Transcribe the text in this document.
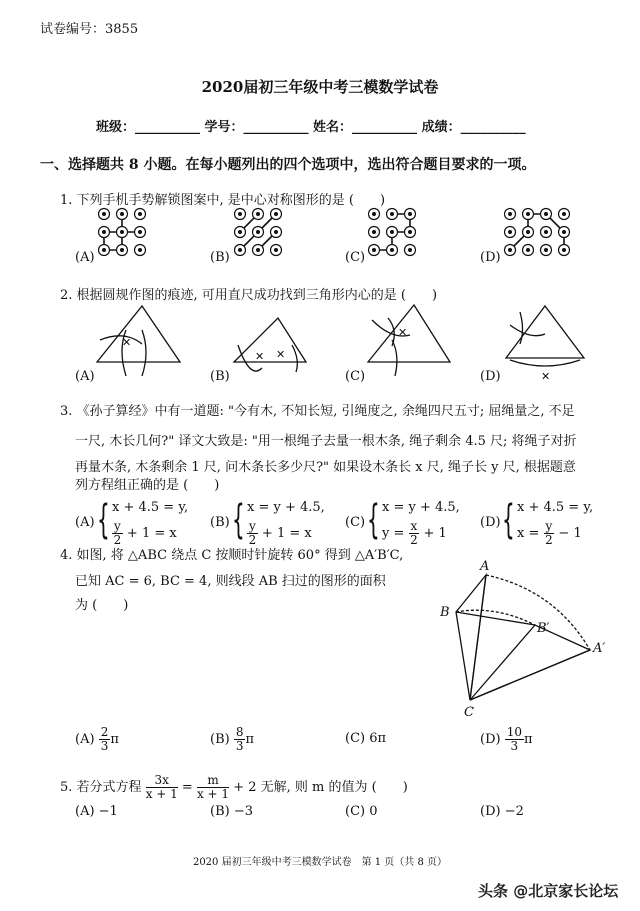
试卷编号：3855
2020届初三年级中考三模数学试卷
班级：__________ 学号：__________ 姓名：__________ 成绩：__________
一、选择题共 8 小题。在每小题列出的四个选项中，选出符合题目要求的一项。
1. 下列手机手势解锁图案中, 是中心对称图形的是 (　　)
(A)	(B)	(C)	(D)
2. 根据圆规作图的痕迹, 可用直尺成功找到三角形内心的是 (　　)
(A)	(B)	(C)	(D)
✕
✕ ✕
✕
✕
3. 《孙子算经》中有一道题: "今有木, 不知长短, 引绳度之, 余绳四尺五寸; 屈绳量之, 不足
一尺, 木长几何?" 译文大致是: "用一根绳子去量一根木条, 绳子剩余 4.5 尺; 将绳子对折
再量木条, 木条剩余 1 尺, 问木条长多少尺?" 如果设木条长 x 尺, 绳子长 y 尺, 根据题意
列方程组正确的是 (　　)
(A) { x + 4.5 = y,
$\frac{y}{2} + 1 = x$
(B) { x = y + 4.5,
$\frac{y}{2} + 1 = x$
(C) { x = y + 4.5,
$y = \frac{x}{2} + 1$
(D) { x + 4.5 = y,
$x = \frac{y}{2} - 1$
4. 如图, 将 △ABC 绕点 C 按顺时针旋转 60° 得到 △A′B′C,
已知 AC = 6, BC = 4, 则线段 AB 扫过的图形的面积
为 (　　)
A
B
B′
A′
C
$(A) \frac{2}{3}$ π	$(B) \frac{8}{3}$ π	(C) 6π	$(D) \frac{10}{3}$ π
5. 若分式方程 $\frac{3x}{x + 1} = \frac{m}{x + 1} + 2$ 无解, 则 m 的值为 (　　)
(A) −1	(B) −3	(C) 0	(D) −2
2020 届初三年级中考三模数学试卷　第 1 页（共 8 页）
头条 @北京家长论坛
